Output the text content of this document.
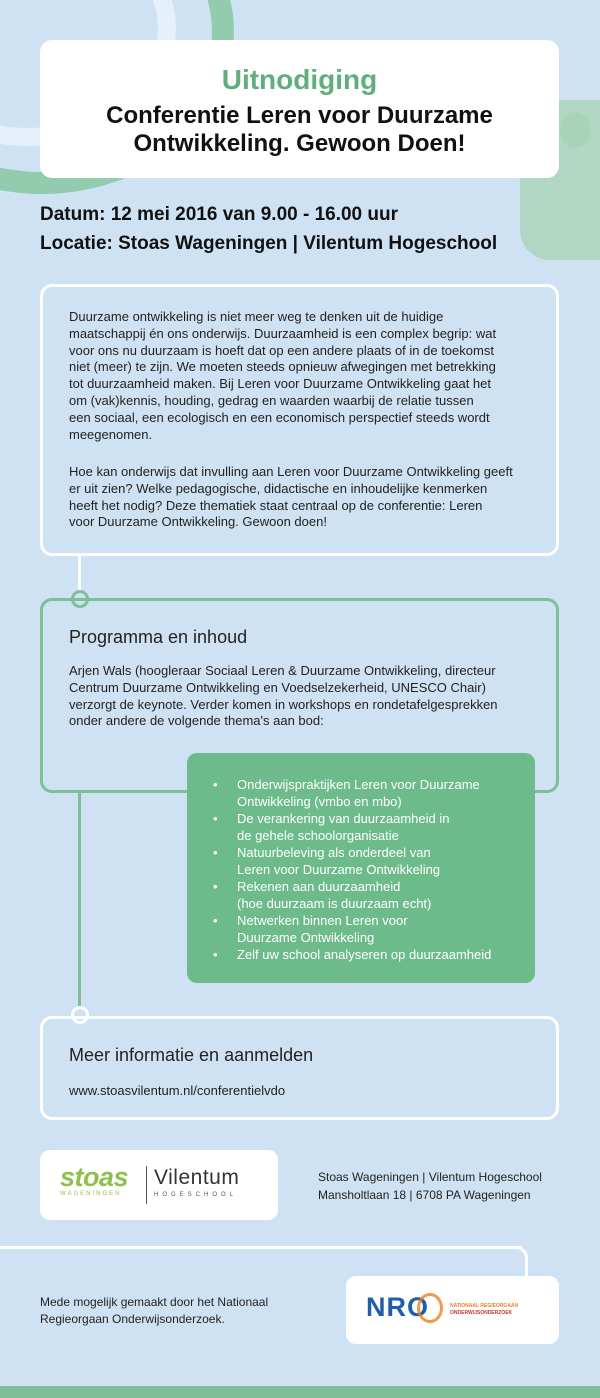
Uitnodiging
Conferentie Leren voor Duurzame
Ontwikkeling. Gewoon Doen!
Datum: 12 mei 2016 van 9.00 - 16.00 uur
Locatie: Stoas Wageningen | Vilentum Hogeschool
Duurzame ontwikkeling is niet meer weg te denken uit de huidige
maatschappij én ons onderwijs. Duurzaamheid is een complex begrip: wat
voor ons nu duurzaam is hoeft dat op een andere plaats of in de toekomst
niet (meer) te zijn. We moeten steeds opnieuw afwegingen met betrekking
tot duurzaamheid maken. Bij Leren voor Duurzame Ontwikkeling gaat het
om (vak)kennis, houding, gedrag en waarden waarbij de relatie tussen
een sociaal, een ecologisch en een economisch perspectief steeds wordt
meegenomen.
Hoe kan onderwijs dat invulling aan Leren voor Duurzame Ontwikkeling geeft
er uit zien? Welke pedagogische, didactische en inhoudelijke kenmerken
heeft het nodig? Deze thematiek staat centraal op de conferentie: Leren
voor Duurzame Ontwikkeling. Gewoon doen!
Programma en inhoud
Arjen Wals (hoogleraar Sociaal Leren & Duurzame Ontwikkeling, directeur
Centrum Duurzame Ontwikkeling en Voedselzekerheid, UNESCO Chair)
verzorgt de keynote. Verder komen in workshops en rondetafelgesprekken
onder andere de volgende thema's aan bod:
• Onderwijspraktijken Leren voor Duurzame
Ontwikkeling (vmbo en mbo)
• De verankering van duurzaamheid in
de gehele schoolorganisatie
• Natuurbeleving als onderdeel van
Leren voor Duurzame Ontwikkeling
• Rekenen aan duurzaamheid
(hoe duurzaam is duurzaam echt)
• Netwerken binnen Leren voor
Duurzame Ontwikkeling
• Zelf uw school analyseren op duurzaamheid
Meer informatie en aanmelden
www.stoasvilentum.nl/conferentielvdo
stoas
WAGENINGEN
Vilentum
HOGESCHOOL
Stoas Wageningen | Vilentum Hogeschool
Mansholtlaan 18 | 6708 PA Wageningen
Mede mogelijk gemaakt door het Nationaal
Regieorgaan Onderwijsonderzoek.	NRO	NATIONAAL REGIEORGAAN
ONDERWIJSONDERZOEK
